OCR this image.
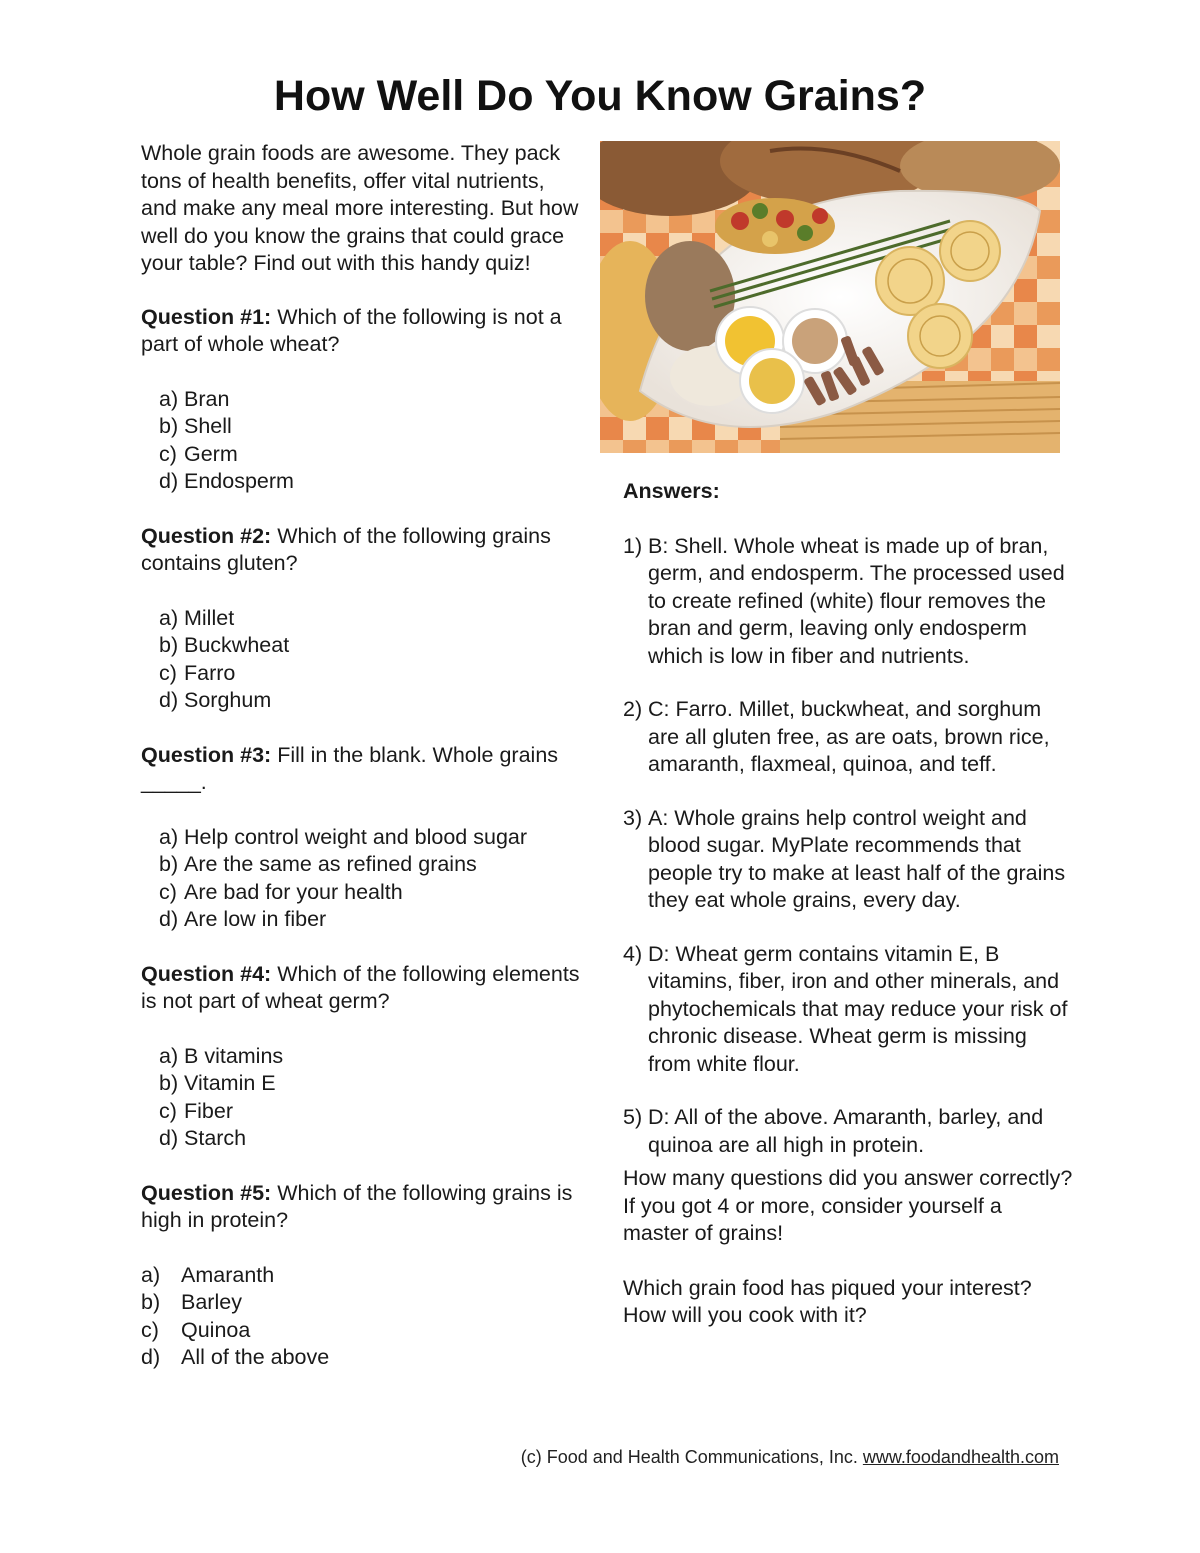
How Well Do You Know Grains?

Whole grain foods are awesome. They pack tons of health benefits, offer vital nutrients, and make any meal more interesting. But how well do you know the grains that could grace your table? Find out with this handy quiz!

Question #1: Which of the following is not a part of whole wheat?

a) Bran
b) Shell
c) Germ
d) Endosperm

Question #2: Which of the following grains contains gluten?

a) Millet
b) Buckwheat
c) Farro
d) Sorghum

Question #3: Fill in the blank. Whole grains _____.

a) Help control weight and blood sugar
b) Are the same as refined grains
c) Are bad for your health
d) Are low in fiber

Question #4: Which of the following elements is not part of wheat germ?

a) B vitamins
b) Vitamin E
c) Fiber
d) Starch

Question #5: Which of the following grains is high in protein?

a) Amaranth
b) Barley
c)	Quinoa
d) All of the above
Answers:
1) B: Shell. Whole wheat is made up of bran, germ, and endosperm. The processed used to create refined (white) flour removes the bran and germ, leaving only endosperm which is low in fiber and nutrients.
2) C: Farro. Millet, buckwheat, and sorghum are all gluten free, as are oats, brown rice, amaranth, flaxmeal, quinoa, and teff.
3) A: Whole grains help control weight and blood sugar. MyPlate recommends that people try to make at least half of the grains they eat whole grains, every day.
4) D: Wheat germ contains vitamin E, B vitamins, fiber, iron and other minerals, and phytochemicals that may reduce your risk of chronic disease. Wheat germ is missing from white flour.
5) D: All of the above. Amaranth, barley, and quinoa are all high in protein.

How many questions did you answer correctly? If you got 4 or more, consider yourself a master of grains!

Which grain food has piqued your interest? How will you cook with it?

(c) Food and Health Communications, Inc. www.foodandhealth.com
